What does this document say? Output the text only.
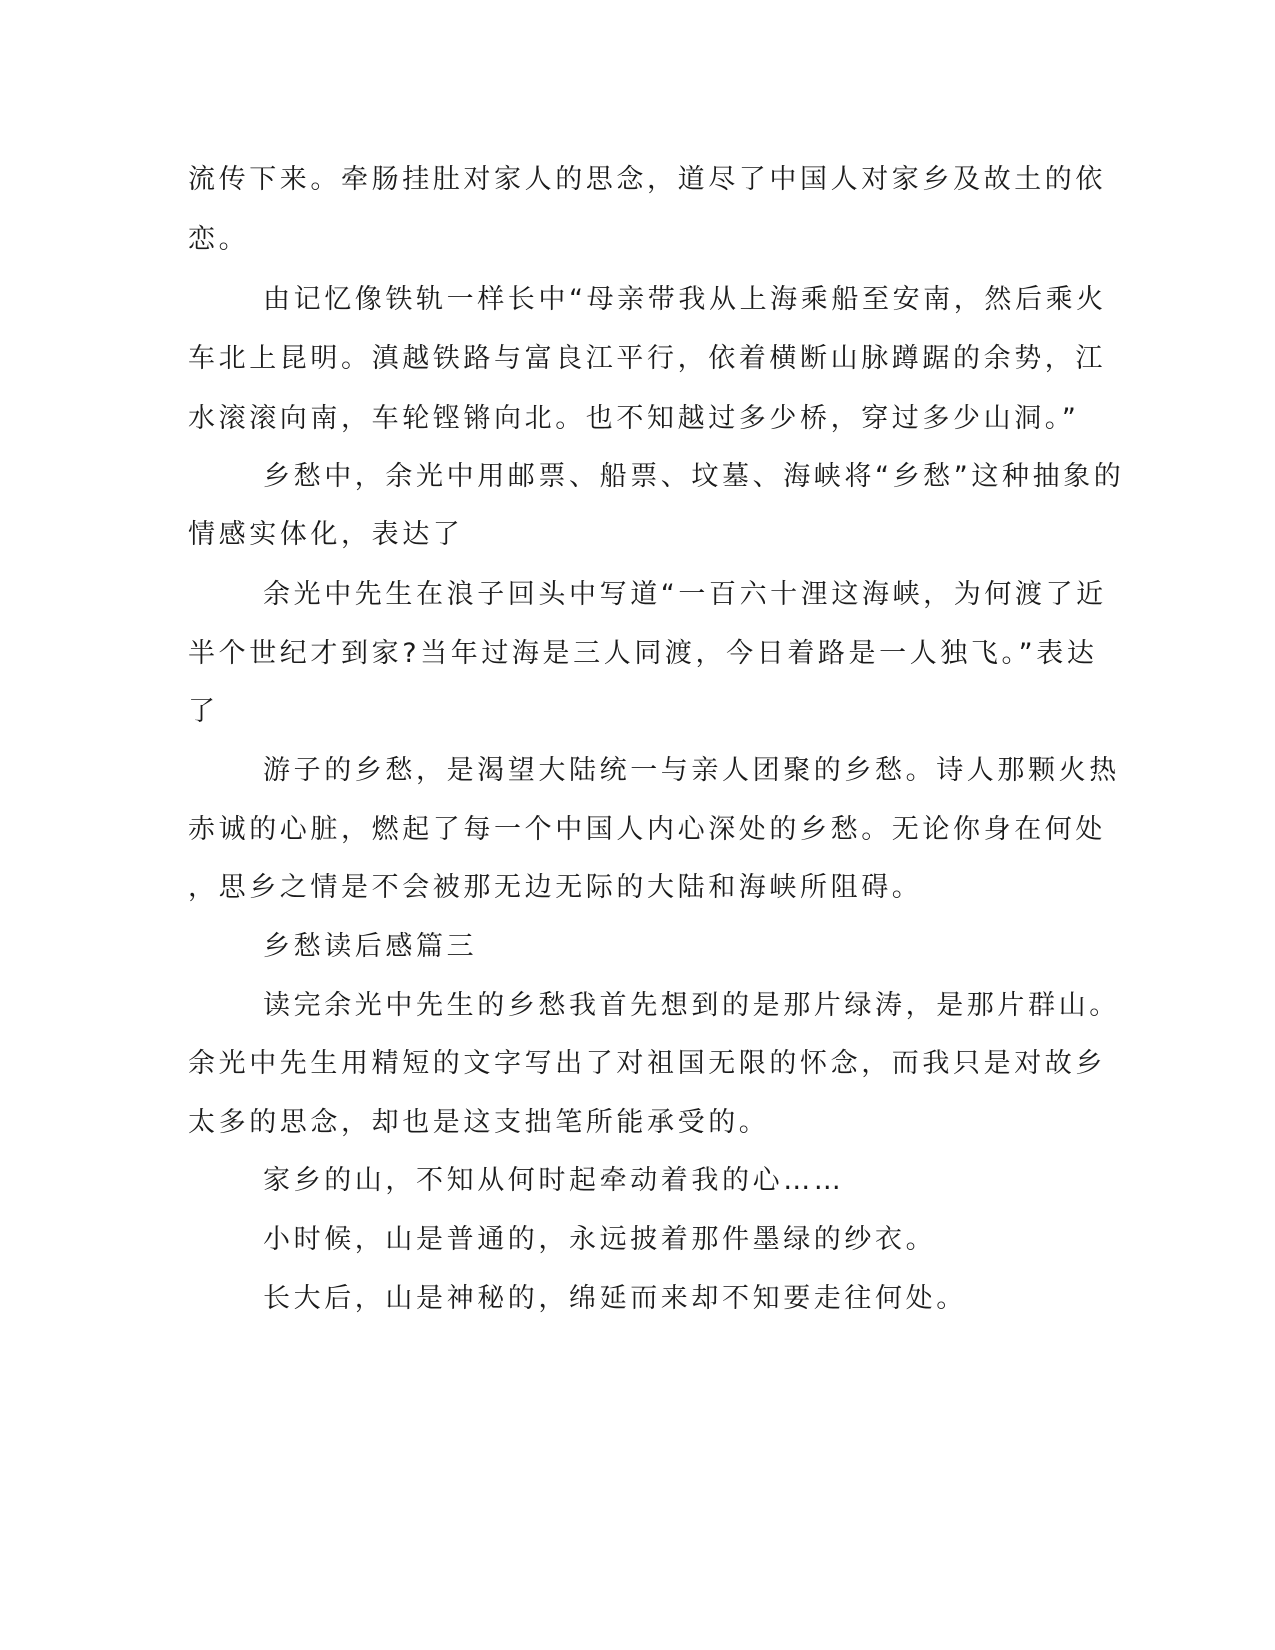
流传下来。牵肠挂肚对家人的思念，道尽了中国人对家乡及故土的依
恋。
由记忆像铁轨一样长中“母亲带我从上海乘船至安南，然后乘火
车北上昆明。滇越铁路与富良江平行，依着横断山脉蹲踞的余势，江
水滚滚向南，车轮铿锵向北。也不知越过多少桥，穿过多少山洞。”
乡愁中，余光中用邮票、船票、坟墓、海峡将“乡愁”这种抽象的
情感实体化，表达了
余光中先生在浪子回头中写道“一百六十浬这海峡，为何渡了近
半个世纪才到家?当年过海是三人同渡，今日着路是一人独飞。”表达
了
游子的乡愁，是渴望大陆统一与亲人团聚的乡愁。诗人那颗火热
赤诚的心脏，燃起了每一个中国人内心深处的乡愁。无论你身在何处
，思乡之情是不会被那无边无际的大陆和海峡所阻碍。
乡愁读后感篇三
读完余光中先生的乡愁我首先想到的是那片绿涛，是那片群山。
余光中先生用精短的文字写出了对祖国无限的怀念，而我只是对故乡
太多的思念，却也是这支拙笔所能承受的。
家乡的山，不知从何时起牵动着我的心……
小时候，山是普通的，永远披着那件墨绿的纱衣。
长大后，山是神秘的，绵延而来却不知要走往何处。
